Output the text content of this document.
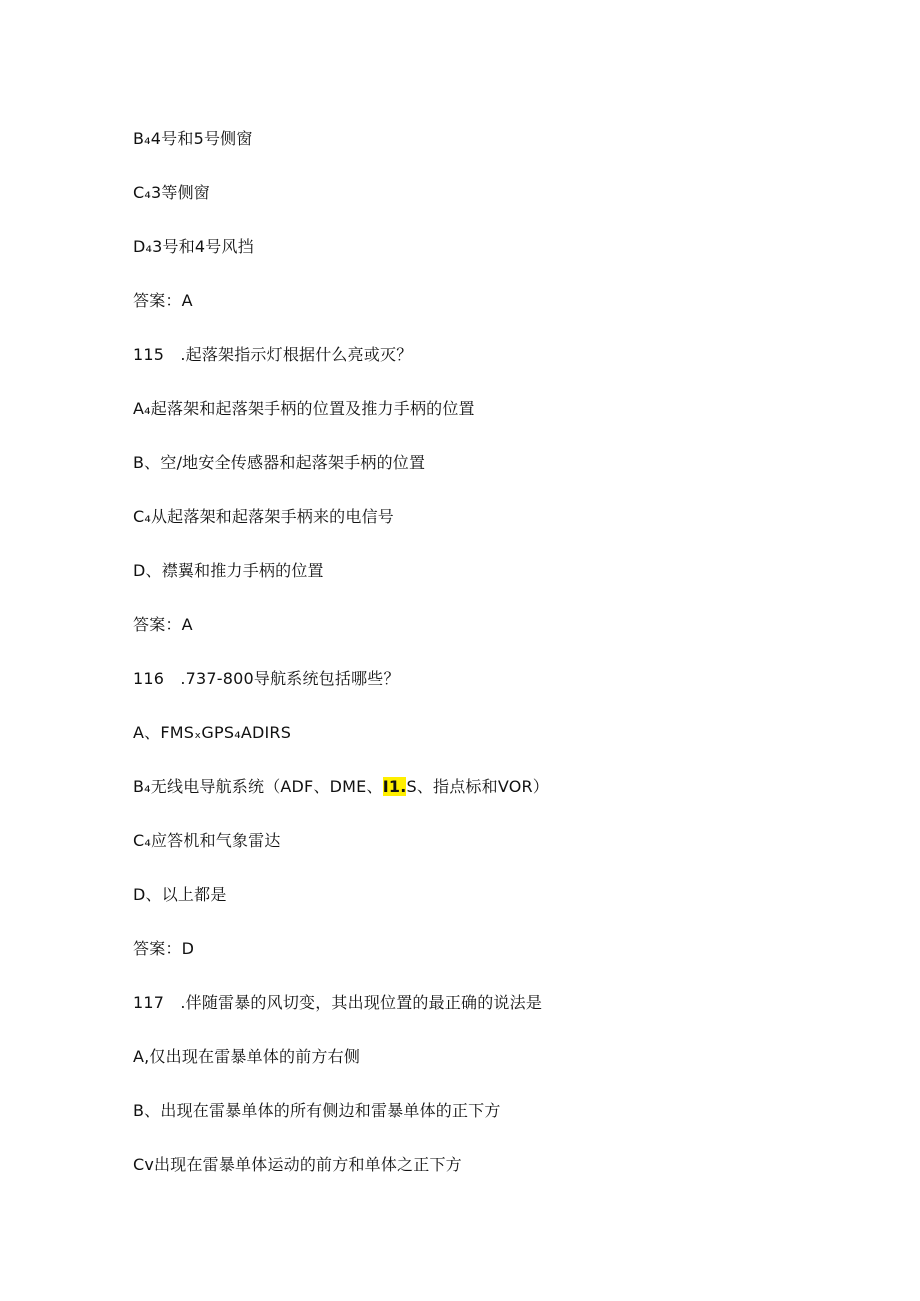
B₄4号和5号侧窗
C₄3等侧窗
D₄3号和4号风挡
答案：A
115　.起落架指示灯根据什么亮或灭？
A₄起落架和起落架手柄的位置及推力手柄的位置
B、空/地安全传感器和起落架手柄的位置
C₄从起落架和起落架手柄来的电信号
D、襟翼和推力手柄的位置
答案：A
116　.737-800导航系统包括哪些？
A、FMSₓGPS₄ADIRS
B₄无线电导航系统（ADF、DME、I1.S、指点标和VOR）
C₄应答机和气象雷达
D、以上都是
答案：D
117　.伴随雷暴的风切变，其出现位置的最正确的说法是
A,仅出现在雷暴单体的前方右侧
B、出现在雷暴单体的所有侧边和雷暴单体的正下方
Cv出现在雷暴单体运动的前方和单体之正下方
